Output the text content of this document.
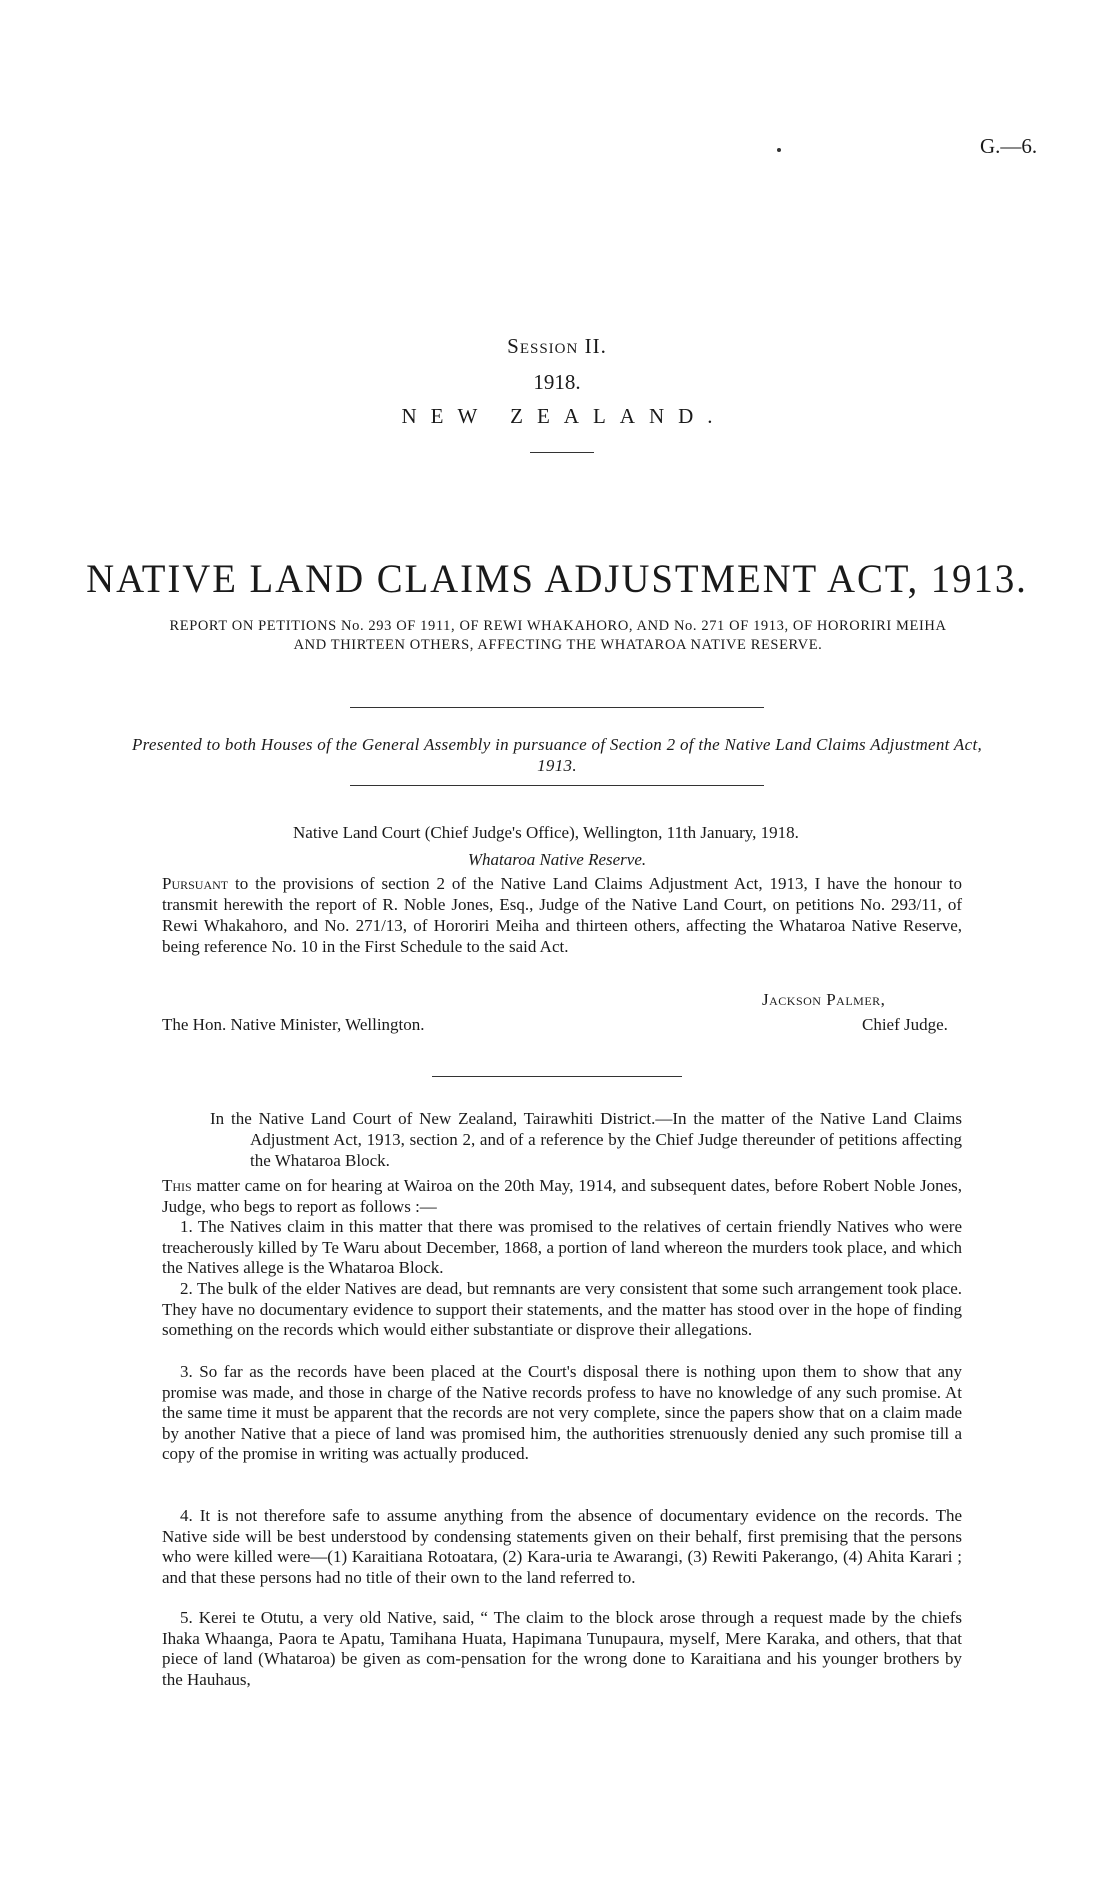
G.—6.
Session II.
1918.
NEW ZEALAND.
NATIVE LAND CLAIMS ADJUSTMENT ACT, 1913.
REPORT ON PETITIONS No. 293 OF 1911, OF REWI WHAKAHORO, AND No. 271 OF 1913, OF HORORIRI MEIHA AND THIRTEEN OTHERS, AFFECTING THE WHATAROA NATIVE RESERVE.
Presented to both Houses of the General Assembly in pursuance of Section 2 of the Native Land Claims Adjustment Act, 1913.
Native Land Court (Chief Judge's Office), Wellington, 11th January, 1918.
Whataroa Native Reserve.
Pursuant to the provisions of section 2 of the Native Land Claims Adjustment Act, 1913, I have the honour to transmit herewith the report of R. Noble Jones, Esq., Judge of the Native Land Court, on petitions No. 293/11, of Rewi Whakahoro, and No. 271/13, of Hororiri Meiha and thirteen others, affecting the Whataroa Native Reserve, being reference No. 10 in the First Schedule to the said Act.
Jackson Palmer,
The Hon. Native Minister, Wellington.	Chief Judge.
In the Native Land Court of New Zealand, Tairawhiti District.—In the matter of the Native Land Claims Adjustment Act, 1913, section 2, and of a reference by the Chief Judge thereunder of petitions affecting the Whataroa Block.
This matter came on for hearing at Wairoa on the 20th May, 1914, and subsequent dates, before Robert Noble Jones, Judge, who begs to report as follows :—
1. The Natives claim in this matter that there was promised to the relatives of certain friendly Natives who were treacherously killed by Te Waru about December, 1868, a portion of land whereon the murders took place, and which the Natives allege is the Whataroa Block.
2. The bulk of the elder Natives are dead, but remnants are very consistent that some such arrangement took place. They have no documentary evidence to support their statements, and the matter has stood over in the hope of finding something on the records which would either substantiate or disprove their allegations.
3. So far as the records have been placed at the Court's disposal there is nothing upon them to show that any promise was made, and those in charge of the Native records profess to have no knowledge of any such promise. At the same time it must be apparent that the records are not very complete, since the papers show that on a claim made by another Native that a piece of land was promised him, the authorities strenuously denied any such promise till a copy of the promise in writing was actually produced.
4. It is not therefore safe to assume anything from the absence of documentary evidence on the records. The Native side will be best understood by condensing statements given on their behalf, first premising that the persons who were killed were—(1) Karaitiana Rotoatara, (2) Kara-uria te Awarangi, (3) Rewiti Pakerango, (4) Ahita Karari ; and that these persons had no title of their own to the land referred to.
5. Kerei te Otutu, a very old Native, said, “ The claim to the block arose through a request made by the chiefs Ihaka Whaanga, Paora te Apatu, Tamihana Huata, Hapimana Tunupaura, myself, Mere Karaka, and others, that that piece of land (Whataroa) be given as com-pensation for the wrong done to Karaitiana and his younger brothers by the Hauhaus,
